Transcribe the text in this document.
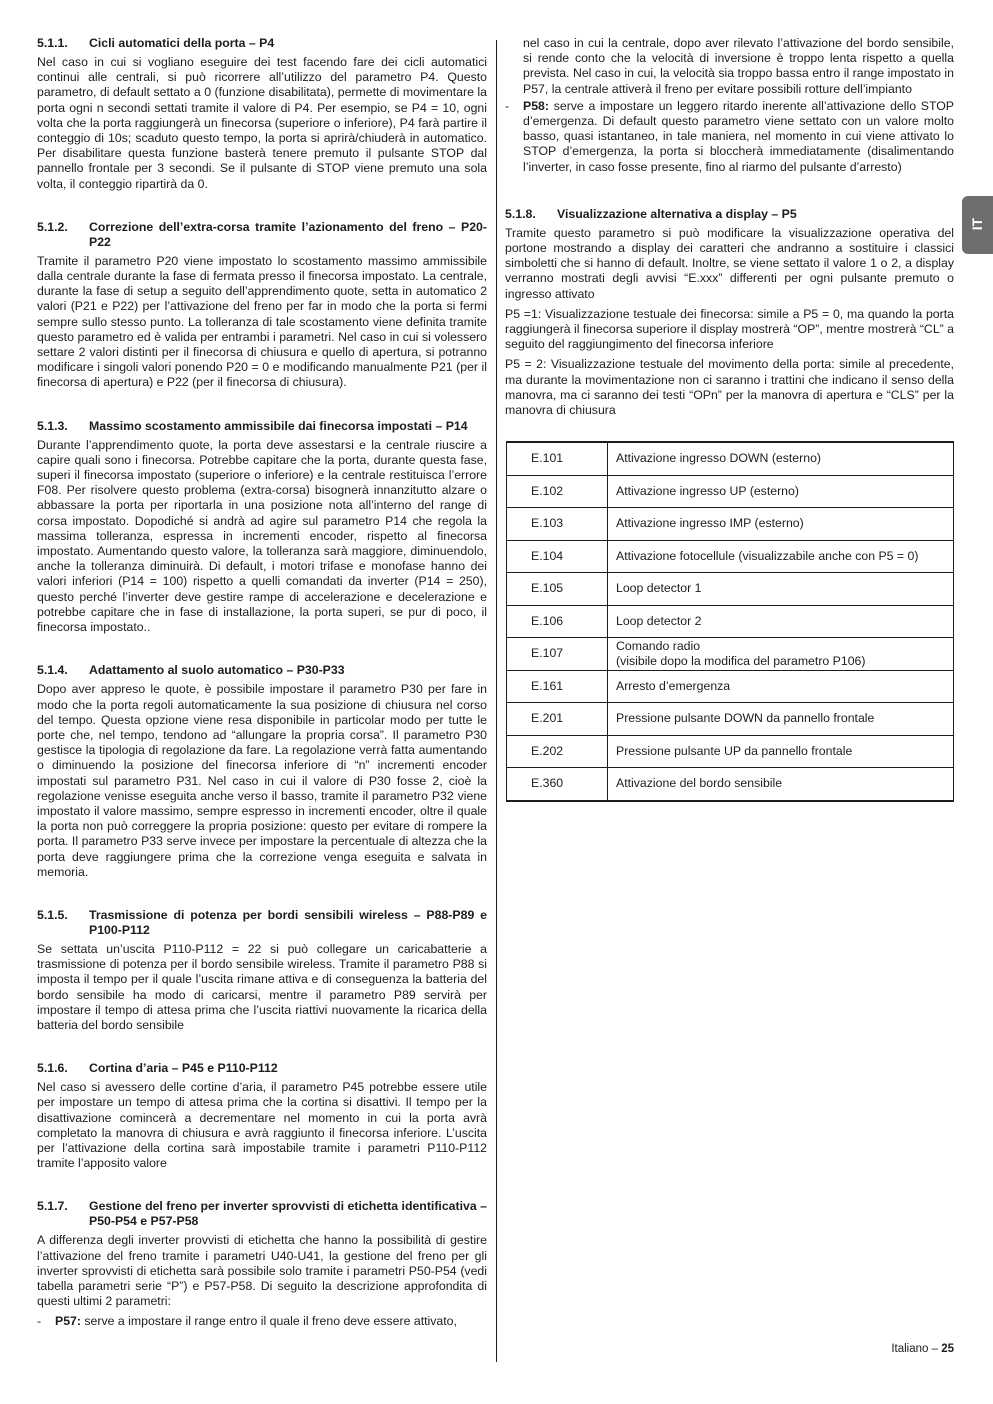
5.1.1.	Cicli automatici della porta – P4

Nel caso in cui si vogliano eseguire dei test facendo fare dei cicli automatici continui alle centrali, si può ricorrere all’utilizzo del parametro P4. Questo parametro, di default settato a 0 (funzione disabilitata), permette di movimentare la porta ogni n secondi settati tramite il valore di P4. Per esempio, se P4 = 10, ogni volta che la porta raggiungerà un finecorsa (superiore o inferiore), P4 farà partire il conteggio di 10s; scaduto questo tempo, la porta si aprirà/chiuderà in automatico. Per disabilitare questa funzione basterà tenere premuto il pulsante STOP dal pannello frontale per 3 secondi. Se il pulsante di STOP viene premuto una sola volta, il conteggio ripartirà da 0.

5.1.2.	Correzione dell’extra-corsa tramite l’azionamento del freno – P20-P22

Tramite il parametro P20 viene impostato lo scostamento massimo ammissibile dalla centrale durante la fase di fermata presso il finecorsa impostato. La centrale, durante la fase di setup a seguito dell’apprendimento quote, setta in automatico 2 valori (P21 e P22) per l’attivazione del freno per far in modo che la porta si fermi sempre sullo stesso punto. La tolleranza di tale scostamento viene definita tramite questo parametro ed è valida per entrambi i parametri. Nel caso in cui si volessero settare 2 valori distinti per il finecorsa di chiusura e quello di apertura, si potranno modificare i singoli valori ponendo P20 = 0 e modificando manualmente P21 (per il finecorsa di apertura) e P22 (per il finecorsa di chiusura).

5.1.3.	Massimo scostamento ammissibile dai finecorsa impostati – P14

Durante l’apprendimento quote, la porta deve assestarsi e la centrale riuscire a capire quali sono i finecorsa. Potrebbe capitare che la porta, durante questa fase, superi il finecorsa impostato (superiore o inferiore) e la centrale restituisca l’errore F08. Per risolvere questo problema (extra-corsa) bisognerà innanzitutto alzare o abbassare la porta per riportarla in una posizione nota all’interno del range di corsa impostato. Dopodiché si andrà ad agire sul parametro P14 che regola la massima tolleranza, espressa in incrementi encoder, rispetto al finecorsa impostato. Aumentando questo valore, la tolleranza sarà maggiore, diminuendolo, anche la tolleranza diminuirà. Di default, i motori trifase e monofase hanno dei valori inferiori (P14 = 100) rispetto a quelli comandati da inverter (P14 = 250), questo perché l’inverter deve gestire rampe di accelerazione e decelerazione e potrebbe capitare che in fase di installazione, la porta superi, se pur di poco, il finecorsa impostato..

5.1.4.	Adattamento al suolo automatico – P30-P33

Dopo aver appreso le quote, è possibile impostare il parametro P30 per fare in modo che la porta regoli automaticamente la sua posizione di chiusura nel corso del tempo. Questa opzione viene resa disponibile in particolar modo per tutte le porte che, nel tempo, tendono ad “allungare la propria corsa”. Il parametro P30 gestisce la tipologia di regolazione da fare. La regolazione verrà fatta aumentando o diminuendo la posizione del finecorsa inferiore di “n” incrementi encoder impostati sul parametro P31. Nel caso in cui il valore di P30 fosse 2, cioè la regolazione venisse eseguita anche verso il basso, tramite il parametro P32 viene impostato il valore massimo, sempre espresso in incrementi encoder, oltre il quale la porta non può correggere la propria posizione: questo per evitare di rompere la porta. Il parametro P33 serve invece per impostare la percentuale di altezza che la porta deve raggiungere prima che la correzione venga eseguita e salvata in memoria.

5.1.5.	Trasmissione di potenza per bordi sensibili wireless – P88-P89 e P100-P112

Se settata un’uscita P110-P112 = 22 si può collegare un caricabatterie a trasmissione di potenza per il bordo sensibile wireless. Tramite il parametro P88 si imposta il tempo per il quale l’uscita rimane attiva e di conseguenza la batteria del bordo sensibile ha modo di caricarsi, mentre il parametro P89 servirà per impostare il tempo di attesa prima che l’uscita riattivi nuovamente la ricarica della batteria del bordo sensibile

5.1.6.	Cortina d’aria – P45 e P110-P112

Nel caso si avessero delle cortine d’aria, il parametro P45 potrebbe essere utile per impostare un tempo di attesa prima che la cortina si disattivi. Il tempo per la disattivazione comincerà a decrementare nel momento in cui la porta avrà completato la manovra di chiusura e avrà raggiunto il finecorsa inferiore. L’uscita per l’attivazione della cortina sarà impostabile tramite i parametri P110-P112 tramite l’apposito valore

5.1.7.	Gestione del freno per inverter sprovvisti di etichetta identificativa – P50-P54 e P57-P58

A differenza degli inverter provvisti di etichetta che hanno la possibilità di gestire l’attivazione del freno tramite i parametri U40-U41, la gestione del freno per gli inverter sprovvisti di etichetta sarà possibile solo tramite i parametri P50-P54 (vedi tabella parametri serie “P”) e P57-P58. Di seguito la descrizione approfondita di questi ultimi 2 parametri:

-	P57: serve a impostare il range entro il quale il freno deve essere attivato,
nel caso in cui la centrale, dopo aver rilevato l’attivazione del bordo sensibile, si rende conto che la velocità di inversione è troppo lenta rispetto a quella prevista. Nel caso in cui, la velocità sia troppo bassa entro il range impostato in P57, la centrale attiverà il freno per evitare possibili rotture dell’impianto
-	P58: serve a impostare un leggero ritardo inerente all’attivazione dello STOP d’emergenza. Di default questo parametro viene settato con un valore molto basso, quasi istantaneo, in tale maniera, nel momento in cui viene attivato lo STOP d’emergenza, la porta si bloccherà immediatamente (disalimentando l’inverter, in caso fosse presente, fino al riarmo del pulsante d’arresto)
5.1.8.	Visualizzazione alternativa a display – P5

Tramite questo parametro si può modificare la visualizzazione operativa del portone mostrando a display dei caratteri che andranno a sostituire i classici simboletti che si hanno di default. Inoltre, se viene settato il valore 1 o 2, a display verranno mostrati degli avvisi “E.xxx” differenti per ogni pulsante premuto o ingresso attivato

P5 =1: Visualizzazione testuale dei finecorsa: simile a P5 = 0, ma quando la porta raggiungerà il finecorsa superiore il display mostrerà “OP”, mentre mostrerà “CL” a seguito del raggiungimento del finecorsa inferiore

P5 = 2: Visualizzazione testuale del movimento della porta: simile al precedente, ma durante la movimentazione non ci saranno i trattini che indicano il senso della manovra, ma ci saranno dei testi “OPn” per la manovra di apertura e “CLS” per la manovra di chiusura

E.101	Attivazione ingresso DOWN (esterno)
E.102	Attivazione ingresso UP (esterno)
E.103	Attivazione ingresso IMP (esterno)
E.104	Attivazione fotocellule (visualizzabile anche con P5 = 0)
E.105	Loop detector 1
E.106	Loop detector 2
E.107	Comando radio
(visibile dopo la modifica del parametro P106)

E.161	Arresto d’emergenza
E.201	Pressione pulsante DOWN da pannello frontale
E.202	Pressione pulsante UP da pannello frontale
E.360	Attivazione del bordo sensibile
IT
Italiano – 25
